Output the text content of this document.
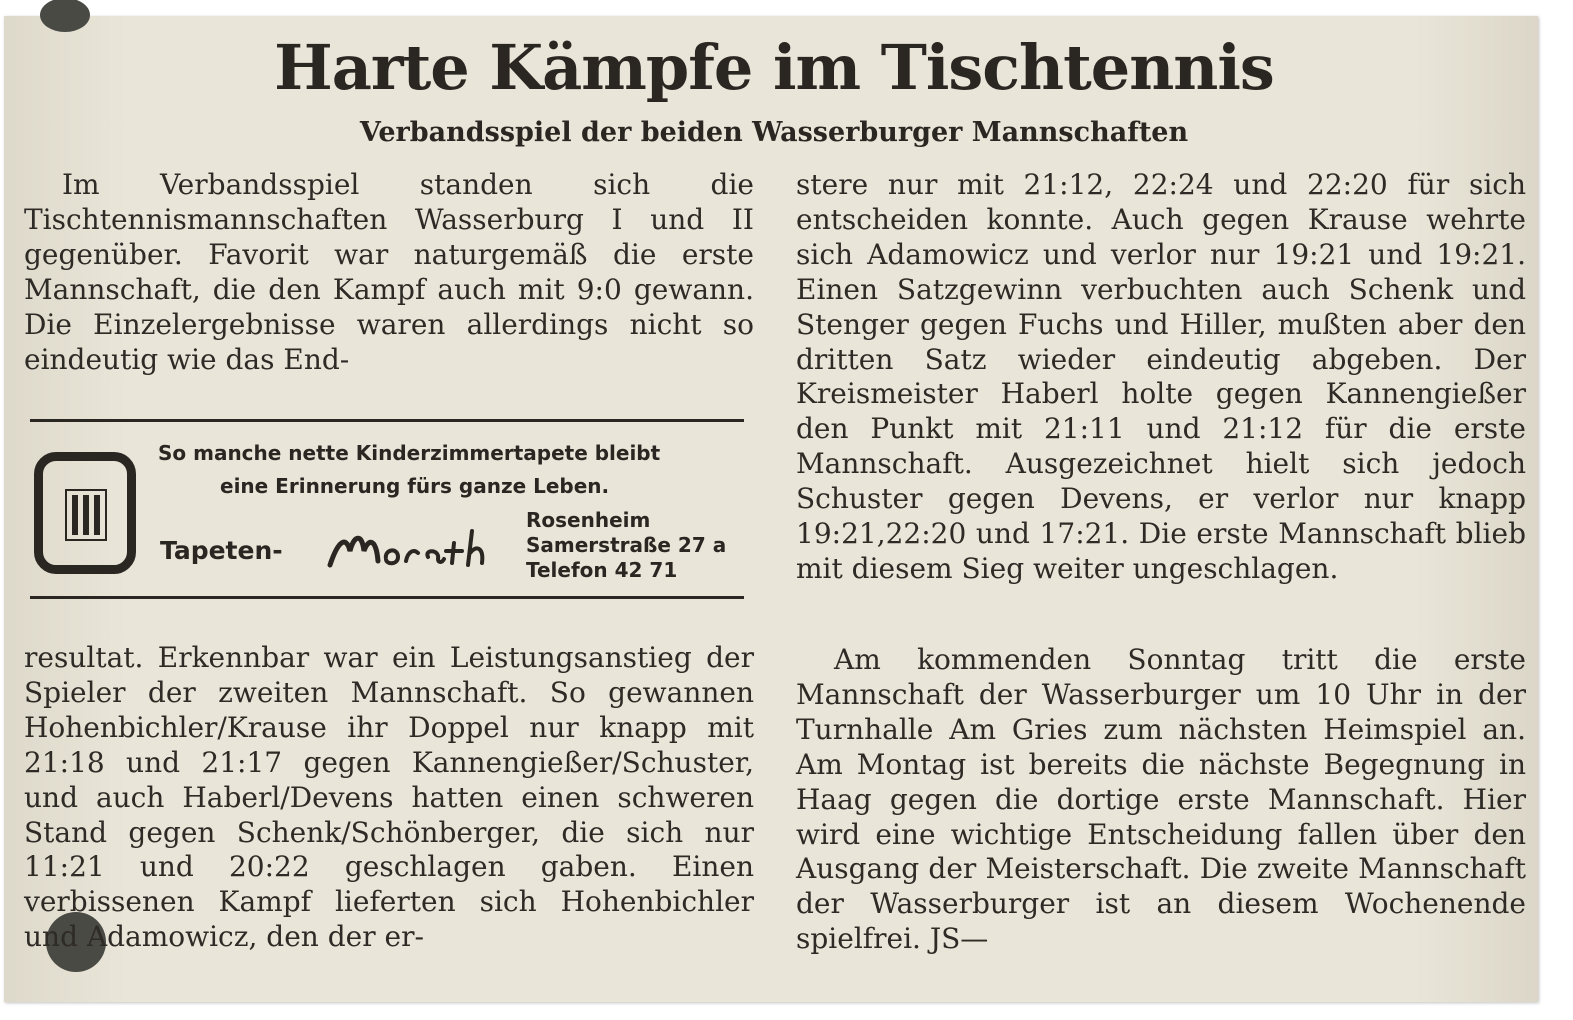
Harte Kämpfe im Tischtennis
Verbandsspiel der beiden Wasserburger Mannschaften

Im Verbandsspiel standen sich die Tischtennismannschaften Wasserburg I und II gegenüber. Favorit war naturgemäß die erste Mannschaft, die den Kampf auch mit 9:0 gewann. Die Einzelergebnisse waren allerdings nicht so eindeutig wie das End-

So manche nette Kinderzimmertapete bleibt
eine Erinnerung fürs ganze Leben.
Tapeten-
Rosenheim
Samerstraße 27 a
Telefon 42 71

resultat. Erkennbar war ein Leistungsanstieg der Spieler der zweiten Mannschaft. So gewannen Hohenbichler/Krause ihr Doppel nur knapp mit 21:18 und 21:17 gegen Kannengießer/Schuster, und auch Haberl/Devens hatten einen schweren Stand gegen Schenk/Schönberger, die sich nur 11:21 und 20:22 geschlagen gaben. Einen verbissenen Kampf lieferten sich Hohenbichler und Adamowicz, den der er-

stere nur mit 21:12, 22:24 und 22:20 für sich entscheiden konnte. Auch gegen Krause wehrte sich Adamowicz und verlor nur 19:21 und 19:21. Einen Satzgewinn verbuchten auch Schenk und Stenger gegen Fuchs und Hiller, mußten aber den dritten Satz wieder eindeutig abgeben. Der Kreismeister Haberl holte gegen Kannengießer den Punkt mit 21:11 und 21:12 für die erste Mannschaft. Ausgezeichnet hielt sich jedoch Schuster gegen Devens, er verlor nur knapp 19:21,22:20 und 17:21. Die erste Mannschaft blieb mit diesem Sieg weiter ungeschlagen.

Am kommenden Sonntag tritt die erste Mannschaft der Wasserburger um 10 Uhr in der Turnhalle Am Gries zum nächsten Heimspiel an. Am Montag ist bereits die nächste Begegnung in Haag gegen die dortige erste Mannschaft. Hier wird eine wichtige Entscheidung fallen über den Ausgang der Meisterschaft. Die zweite Mannschaft der Wasserburger ist an diesem Wochenende spielfrei. JS—
